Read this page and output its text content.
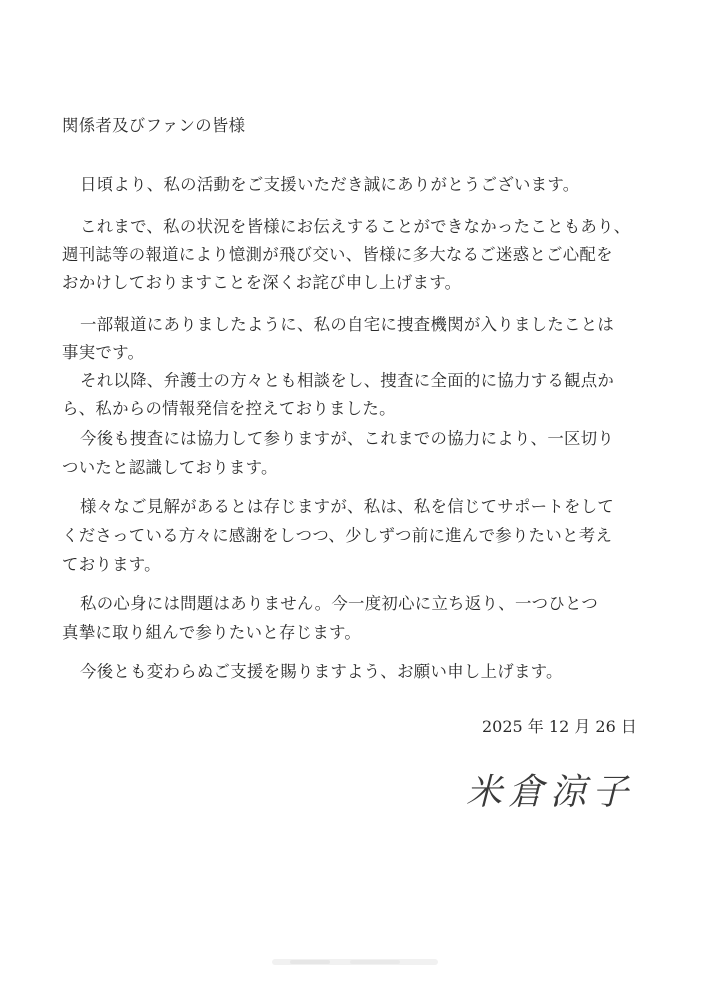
関係者及びファンの皆様
日頃より、私の活動をご支援いただき誠にありがとうございます。
これまで、私の状況を皆様にお伝えすることができなかったこともあり、
週刊誌等の報道により憶測が飛び交い、皆様に多大なるご迷惑とご心配を
おかけしておりますことを深くお詫び申し上げます。
一部報道にありましたように、私の自宅に捜査機関が入りましたことは
事実です。
それ以降、弁護士の方々とも相談をし、捜査に全面的に協力する観点か
ら、私からの情報発信を控えておりました。
今後も捜査には協力して参りますが、これまでの協力により、一区切り
ついたと認識しております。
様々なご見解があるとは存じますが、私は、私を信じてサポートをして
くださっている方々に感謝をしつつ、少しずつ前に進んで参りたいと考え
ております。
私の心身には問題はありません。今一度初心に立ち返り、一つひとつ
真摯に取り組んで参りたいと存じます。
今後とも変わらぬご支援を賜りますよう、お願い申し上げます。
2025 年 12 月 26 日
米倉涼子
